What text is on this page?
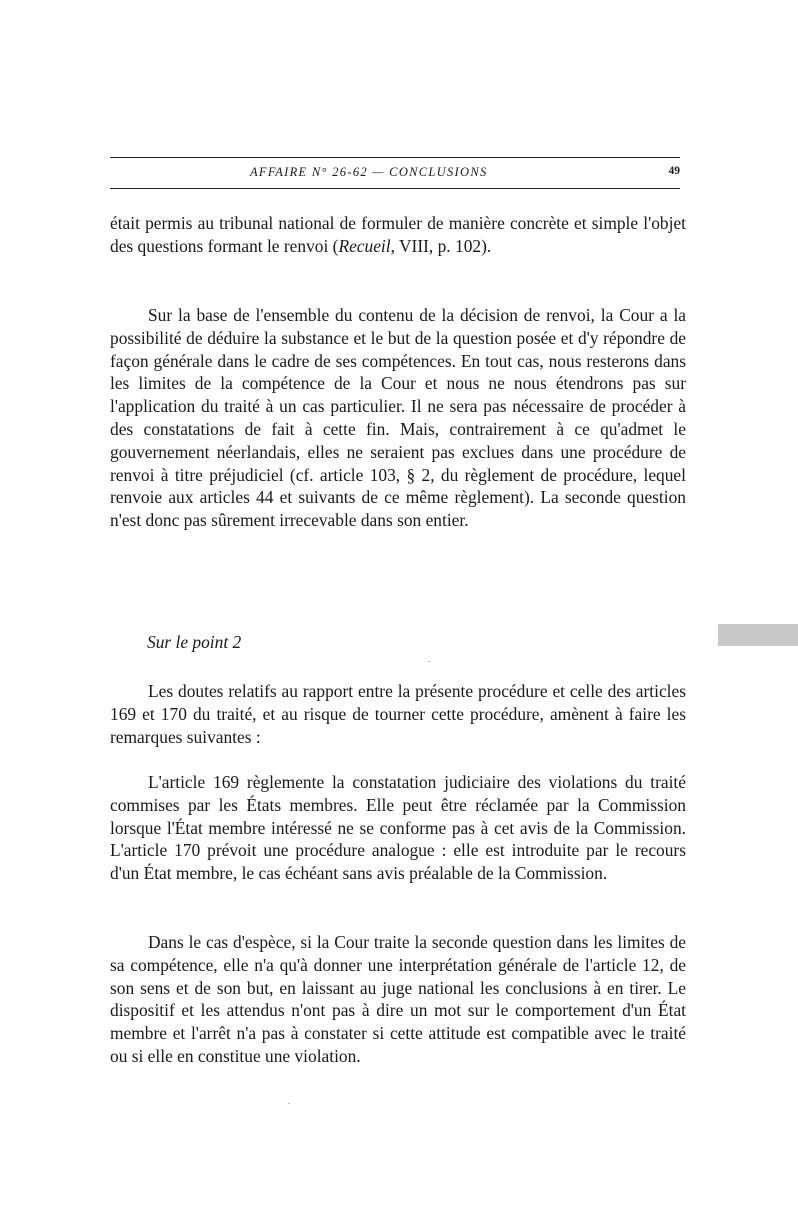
AFFAIRE N° 26-62 — CONCLUSIONS	49

était permis au tribunal national de formuler de manière concrète et simple l'objet des questions formant le renvoi (Recueil, VIII, p. 102).

Sur la base de l'ensemble du contenu de la décision de renvoi, la Cour a la possibilité de déduire la substance et le but de la question posée et d'y répondre de façon générale dans le cadre de ses compétences. En tout cas, nous resterons dans les limites de la compétence de la Cour et nous ne nous étendrons pas sur l'application du traité à un cas particulier. Il ne sera pas nécessaire de procéder à des constatations de fait à cette fin. Mais, contrairement à ce qu'admet le gouvernement néerlandais, elles ne seraient pas exclues dans une procédure de renvoi à titre préjudiciel (cf. article 103, § 2, du règlement de procédure, lequel renvoie aux articles 44 et suivants de ce même règlement). La seconde question n'est donc pas sûrement irrecevable dans son entier.

Sur le point 2

Les doutes relatifs au rapport entre la présente procédure et celle des articles 169 et 170 du traité, et au risque de tourner cette procédure, amènent à faire les remarques suivantes :

L'article 169 règlemente la constatation judiciaire des violations du traité commises par les États membres. Elle peut être réclamée par la Commission lorsque l'État membre intéressé ne se conforme pas à cet avis de la Commission. L'article 170 prévoit une procédure analogue : elle est introduite par le recours d'un État membre, le cas échéant sans avis préalable de la Commission.

Dans le cas d'espèce, si la Cour traite la seconde question dans les limites de sa compétence, elle n'a qu'à donner une interprétation générale de l'article 12, de son sens et de son but, en laissant au juge national les conclusions à en tirer. Le dispositif et les attendus n'ont pas à dire un mot sur le comportement d'un État membre et l'arrêt n'a pas à constater si cette attitude est compatible avec le traité ou si elle en constitue une violation.
